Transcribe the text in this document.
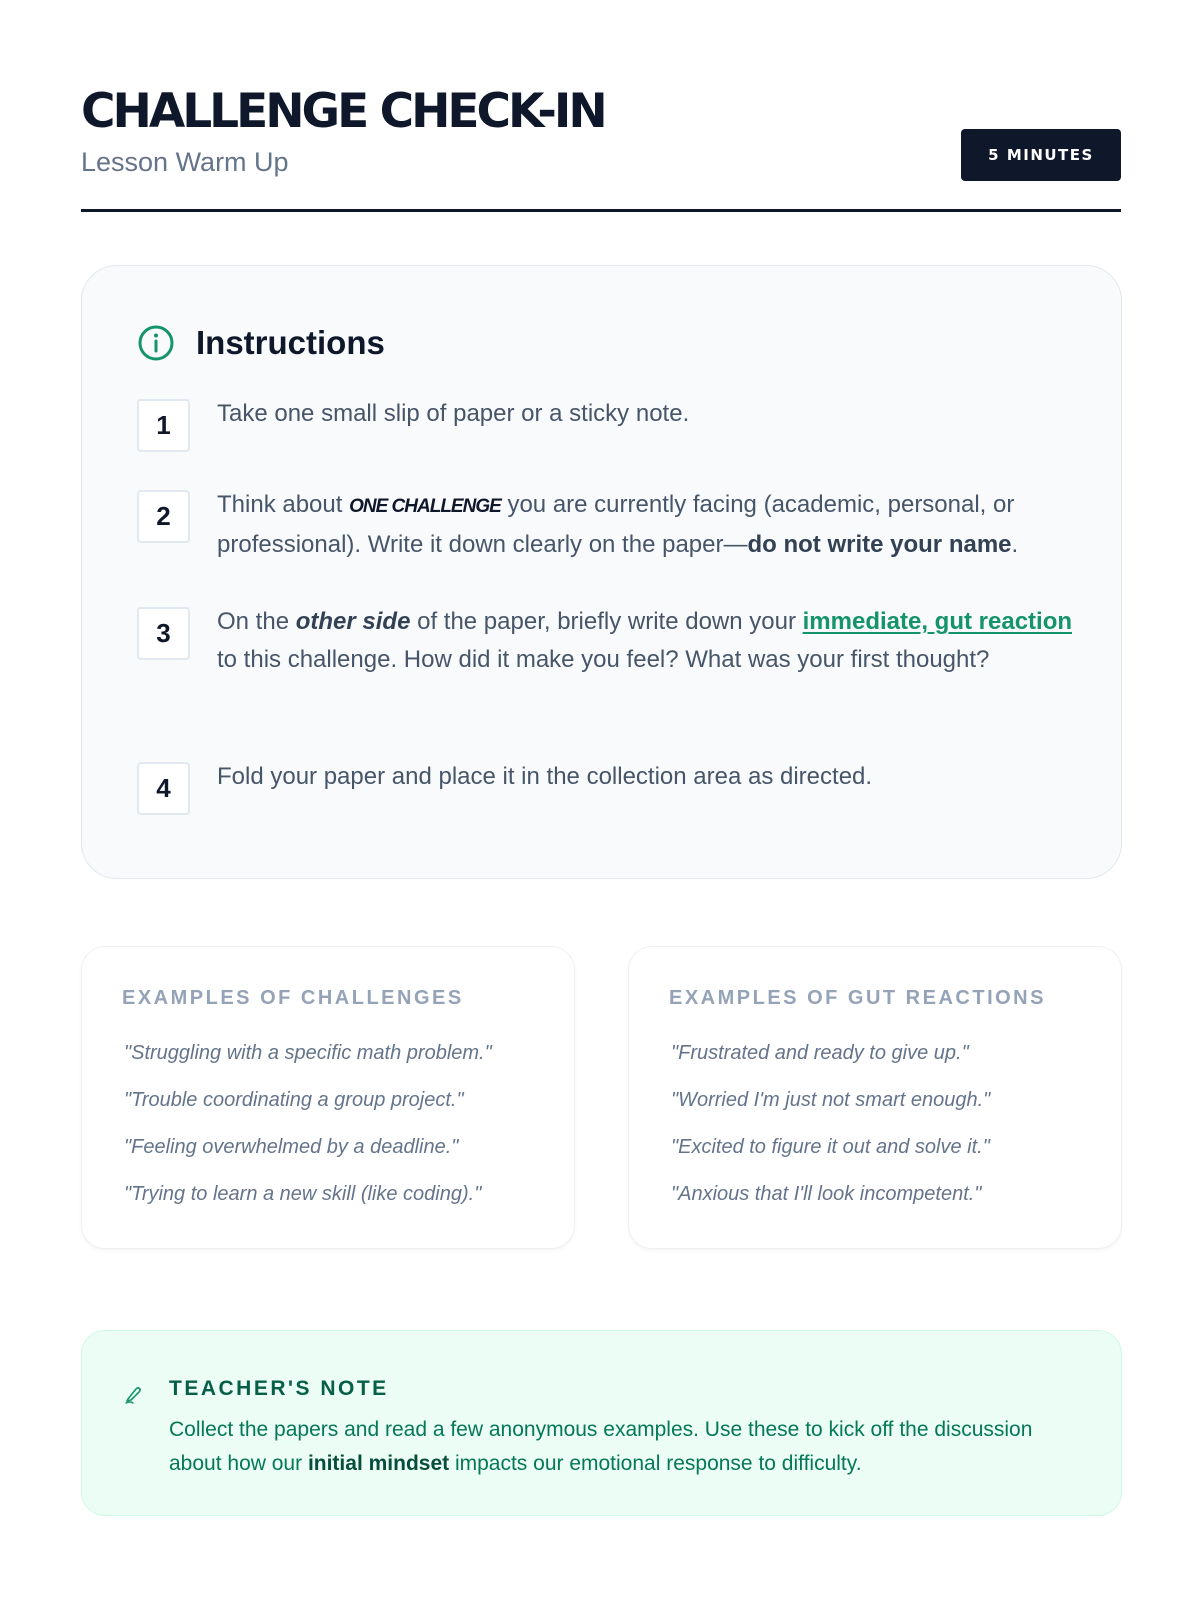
CHALLENGE CHECK-IN
Lesson Warm Up	5 MINUTES
Instructions
1	Take one small slip of paper or a sticky note.

2	Think about ONE CHALLENGE you are currently facing (academic, personal, or professional). Write it down clearly on the paper—do not write your name.

3	On the other side of the paper, briefly write down your immediate, gut reaction to this challenge. How did it make you feel? What was your first thought?

4	Fold your paper and place it in the collection area as directed.

EXAMPLES OF CHALLENGES
"Struggling with a specific math problem."
"Trouble coordinating a group project."
"Feeling overwhelmed by a deadline."
"Trying to learn a new skill (like coding)."
EXAMPLES OF GUT REACTIONS
"Frustrated and ready to give up."
"Worried I'm just not smart enough."
"Excited to figure it out and solve it."
"Anxious that I'll look incompetent."
TEACHER'S NOTE

Collect the papers and read a few anonymous examples. Use these to kick off the discussion about how our initial mindset impacts our emotional response to difficulty.
